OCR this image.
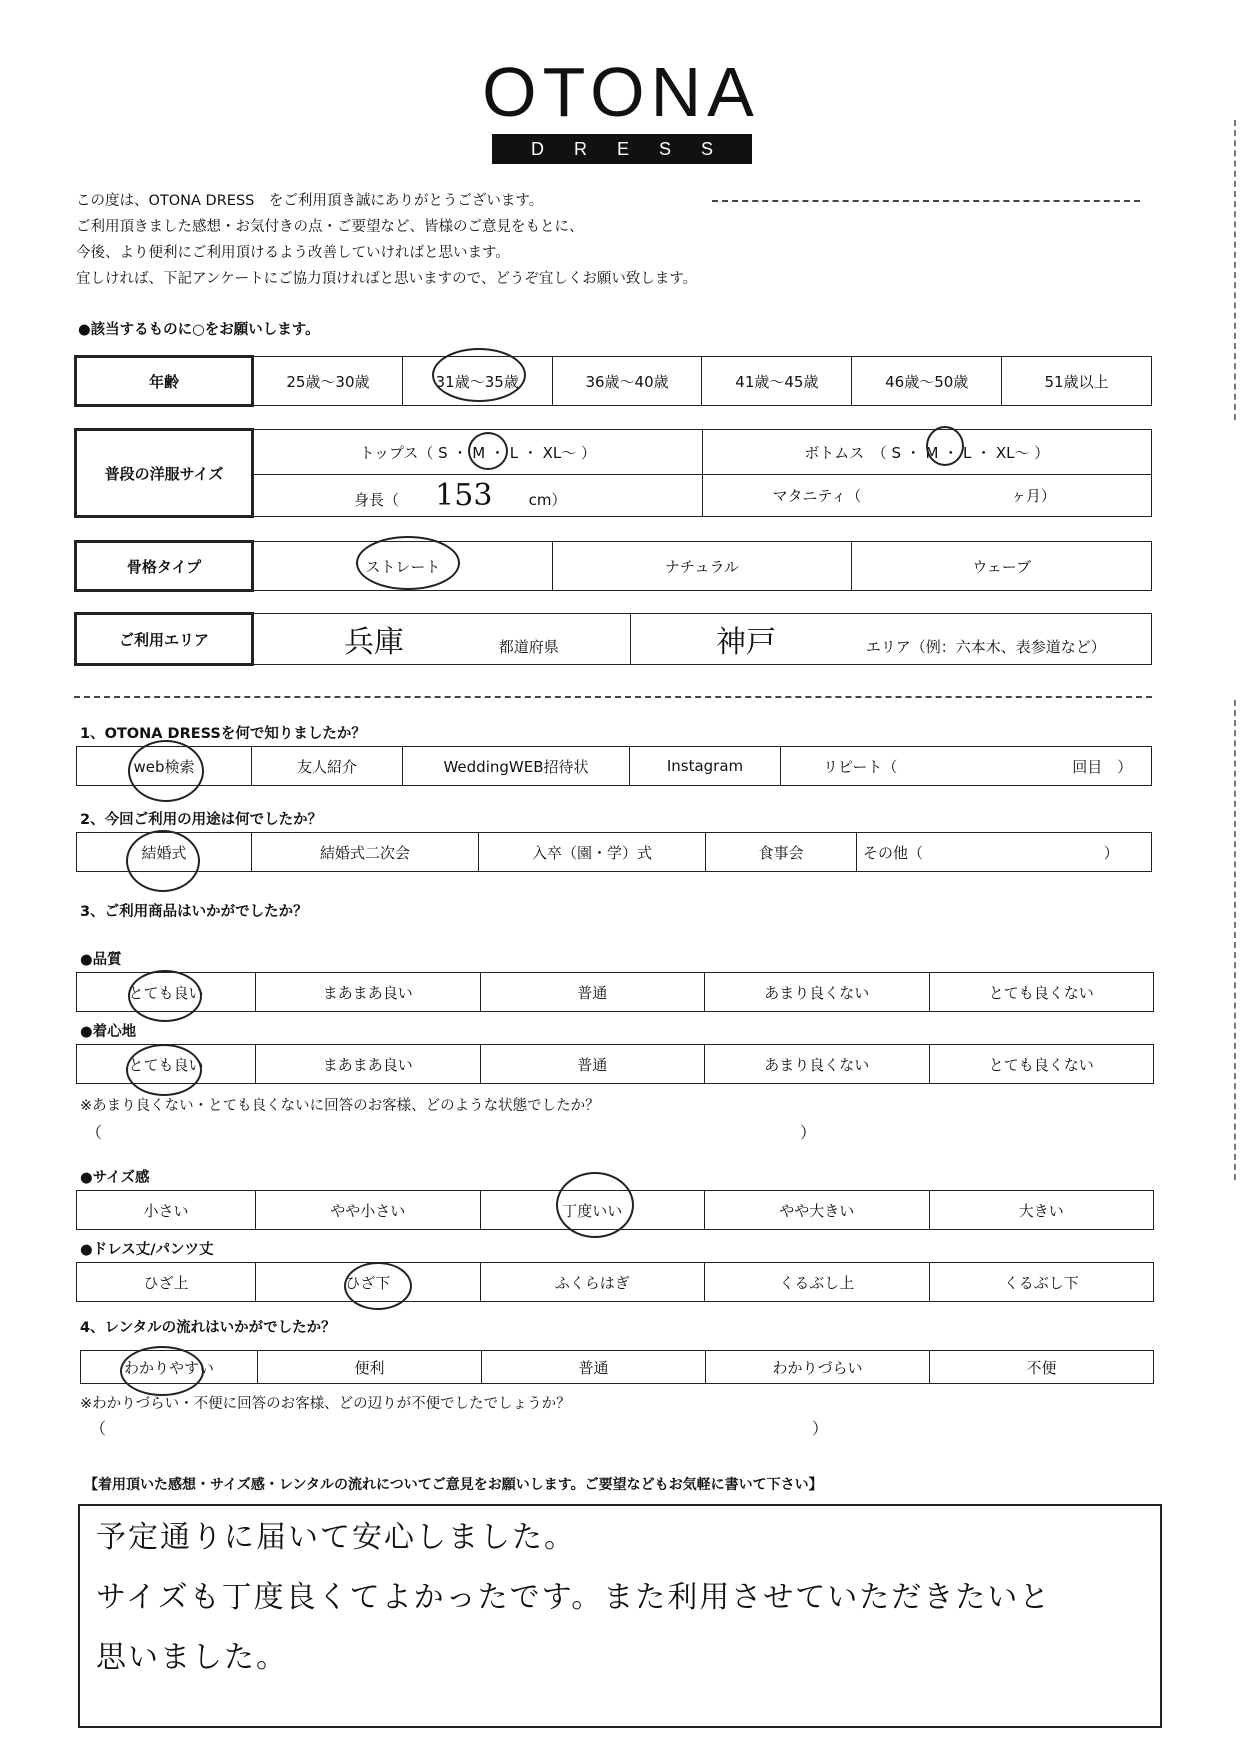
OTONA
DRESS
この度は、OTONA DRESS　をご利用頂き誠にありがとうございます。
ご利用頂きました感想・お気付きの点・ご要望など、皆様のご意見をもとに、
今後、より便利にご利用頂けるよう改善していければと思います。
宜しければ、下記アンケートにご協力頂ければと思いますので、どうぞ宜しくお願い致します。
●該当するものに○をお願いします。
年齢	25歳〜30歳	31歳〜35歳	36歳〜40歳	41歳〜45歳	46歳〜50歳	51歳以上
普段の洋服サイズ	トップス（ S ・ M ・ L ・ XL〜 ）	ボトムス　（ S ・ M ・ L ・ XL〜 ）
	身長（ 153 cm）	マタニティ（ ヶ月）
骨格タイプ	ストレート	ナチュラル	ウェーブ
ご利用エリア	兵庫	都道府県	神戸	エリア（例：六本木、表参道など）
1、OTONA DRESSを何で知りましたか？
web検索	友人紹介	WeddingWEB招待状	Instagram	リピート（	回目　）
2、今回ご利用の用途は何でしたか？
結婚式	結婚式二次会	入卒（園・学）式	食事会	その他（	）
3、ご利用商品はいかがでしたか？
●品質
とても良い	まあまあ良い	普通	あまり良くない	とても良くない
●着心地
とても良い	まあまあ良い	普通	あまり良くない	とても良くない
※あまり良くない・とても良くないに回答のお客様、どのような状態でしたか？
（	）
●サイズ感
小さい	やや小さい	丁度いい	やや大きい	大きい
●ドレス丈/パンツ丈
ひざ上	ひざ下	ふくらはぎ	くるぶし上	くるぶし下
4、レンタルの流れはいかがでしたか？
わかりやすい	便利	普通	わかりづらい	不便
※わかりづらい・不便に回答のお客様、どの辺りが不便でしたでしょうか？
（	）
【着用頂いた感想・サイズ感・レンタルの流れについてご意見をお願いします。ご要望などもお気軽に書いて下さい】
予定通りに届いて安心しました。
サイズも丁度良くてよかったです。また利用させていただきたいと
思いました。
